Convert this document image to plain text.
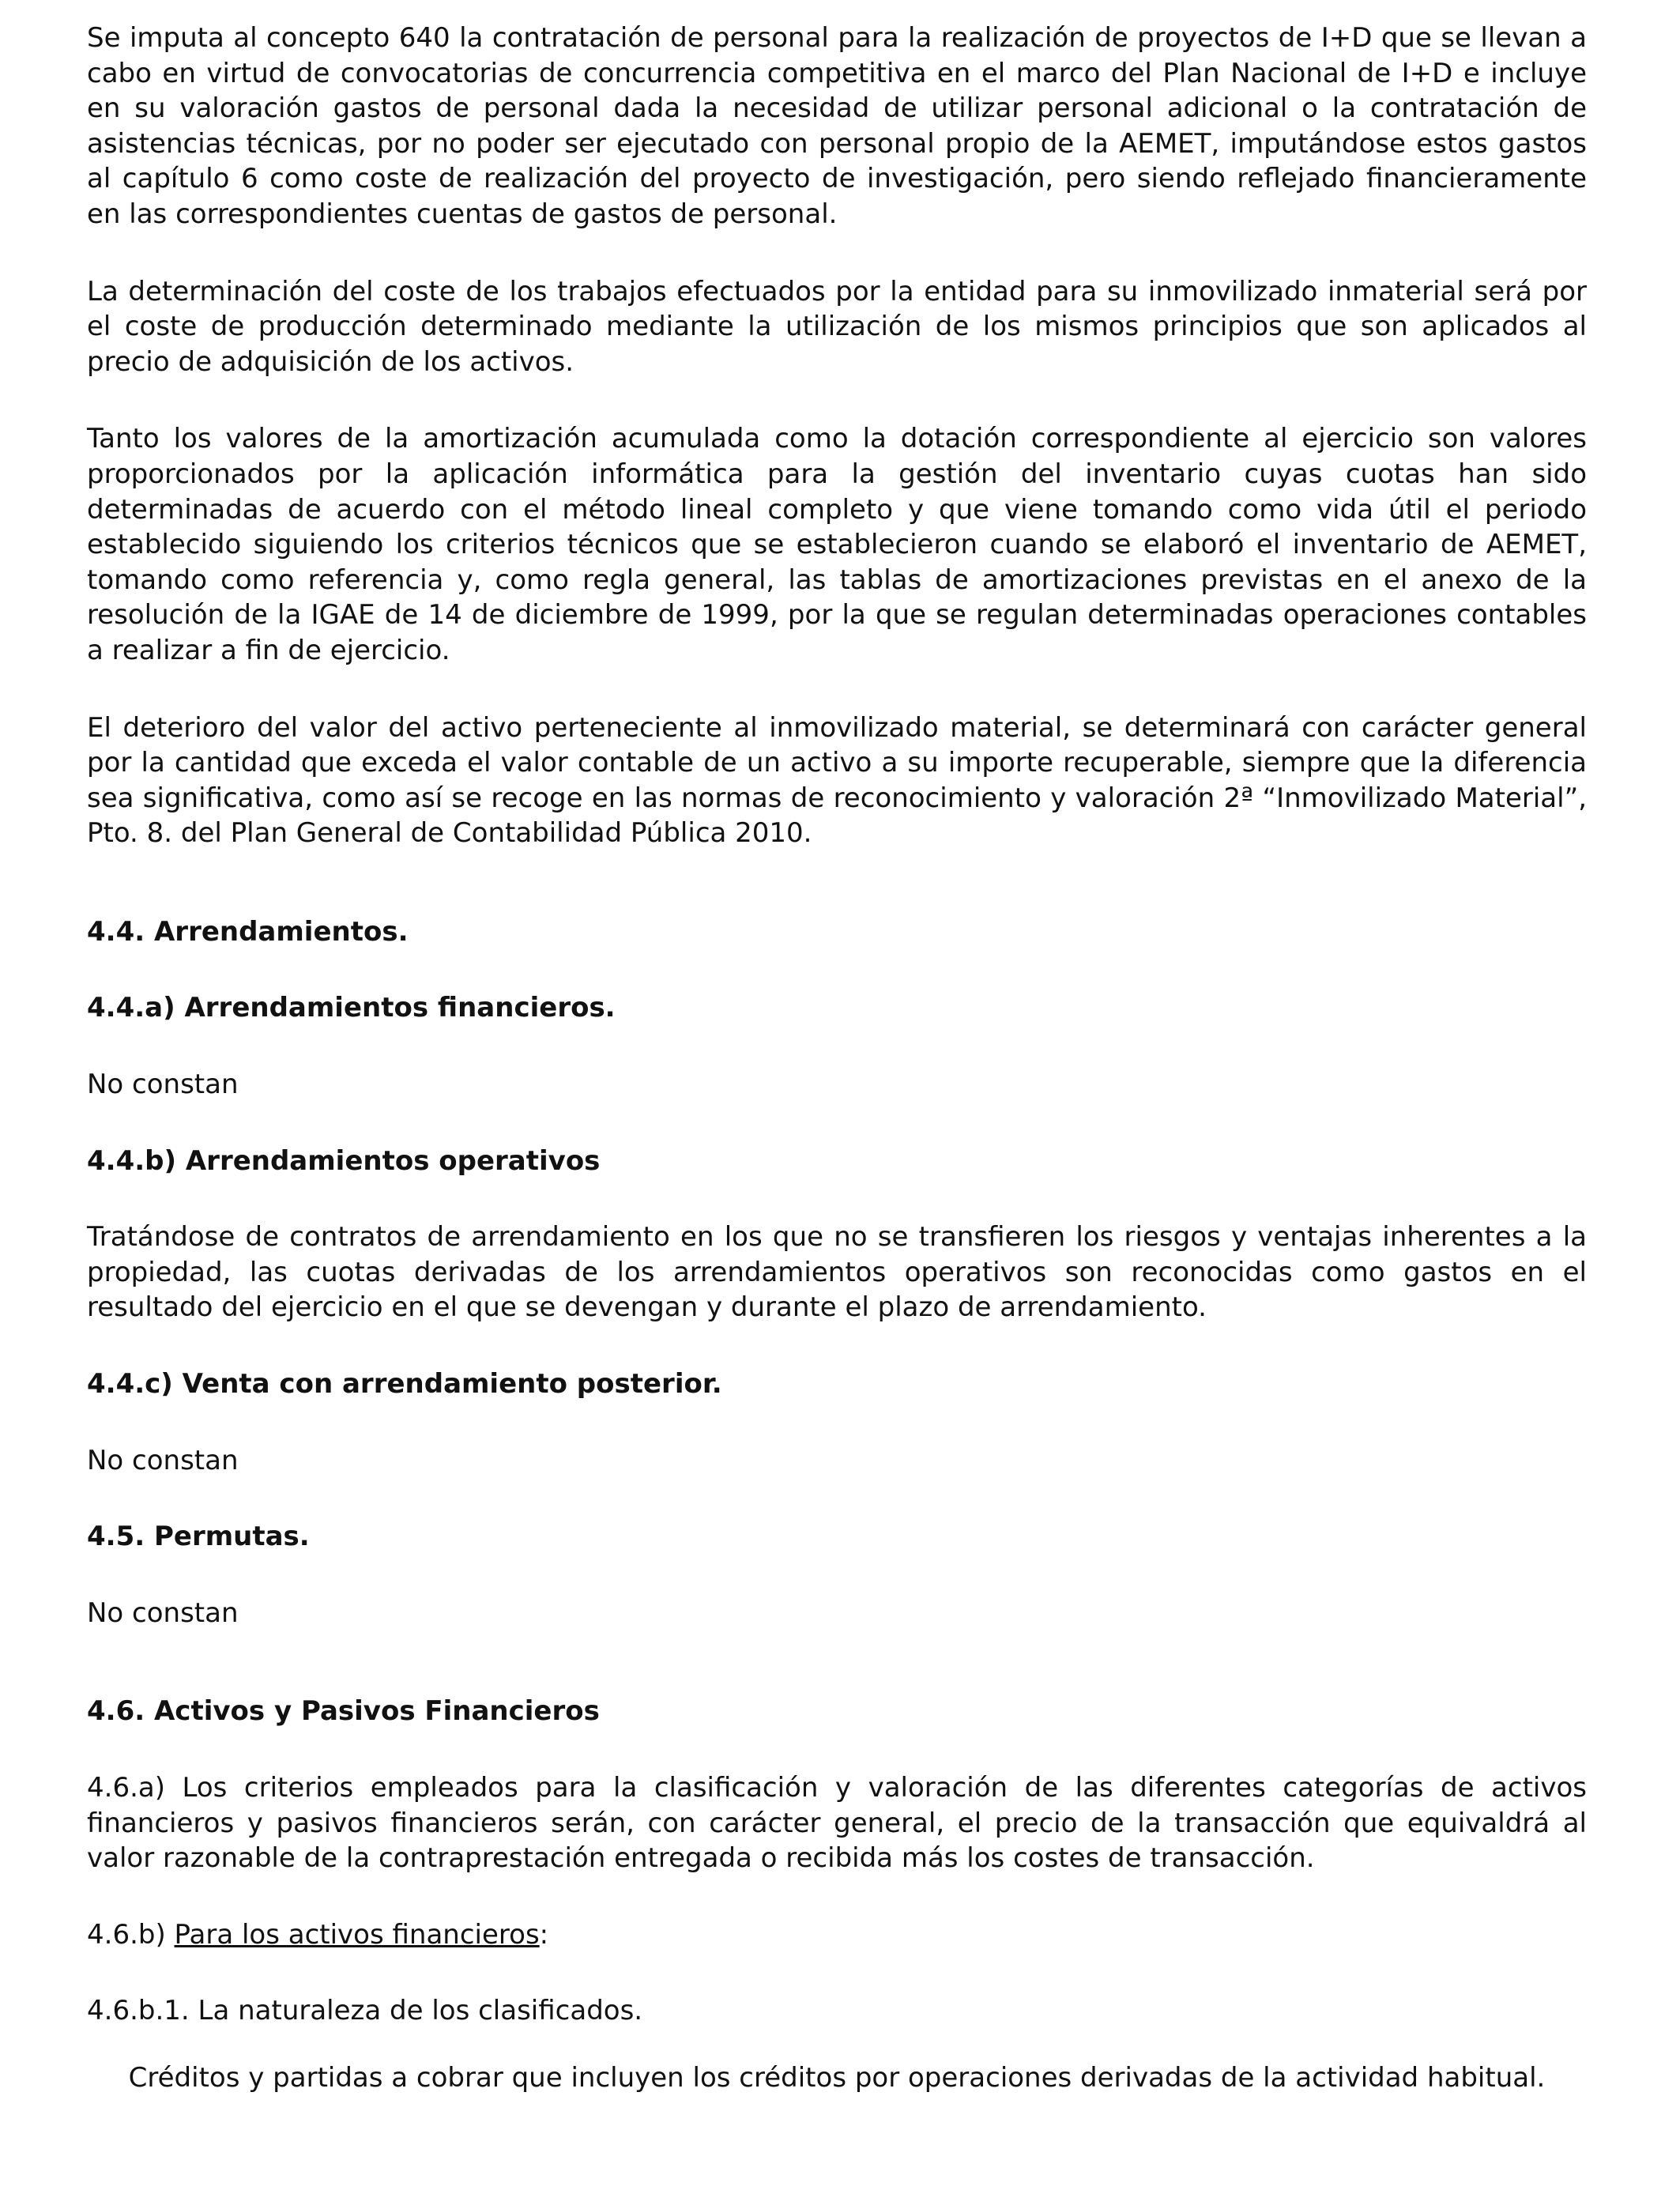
Se imputa al concepto 640 la contratación de personal para la realización de proyectos de I+D que se llevan a cabo en virtud de convocatorias de concurrencia competitiva en el marco del Plan Nacional de I+D e incluye en su valoración gastos de personal dada la necesidad de utilizar personal adicional o la contratación de asistencias técnicas, por no poder ser ejecutado con personal propio de la AEMET, imputándose estos gastos al capítulo 6 como coste de realización del proyecto de investigación, pero siendo reflejado financieramente en las correspondientes cuentas de gastos de personal.

La determinación del coste de los trabajos efectuados por la entidad para su inmovilizado inmaterial será por el coste de producción determinado mediante la utilización de los mismos principios que son aplicados al precio de adquisición de los activos.

Tanto los valores de la amortización acumulada como la dotación correspondiente al ejercicio son valores proporcionados por la aplicación informática para la gestión del inventario cuyas cuotas han sido determinadas de acuerdo con el método lineal completo y que viene tomando como vida útil el periodo establecido siguiendo los criterios técnicos que se establecieron cuando se elaboró el inventario de AEMET, tomando como referencia y, como regla general, las tablas de amortizaciones previstas en el anexo de la resolución de la IGAE de 14 de diciembre de 1999, por la que se regulan determinadas operaciones contables a realizar a fin de ejercicio.

El deterioro del valor del activo perteneciente al inmovilizado material, se determinará con carácter general por la cantidad que exceda el valor contable de un activo a su importe recuperable, siempre que la diferencia sea significativa, como así se recoge en las normas de reconocimiento y valoración 2ª “Inmovilizado Material”, Pto. 8. del Plan General de Contabilidad Pública 2010.

4.4. Arrendamientos.

4.4.a) Arrendamientos financieros.

No constan

4.4.b) Arrendamientos operativos

Tratándose de contratos de arrendamiento en los que no se transfieren los riesgos y ventajas inherentes a la propiedad, las cuotas derivadas de los arrendamientos operativos son reconocidas como gastos en el resultado del ejercicio en el que se devengan y durante el plazo de arrendamiento.

4.4.c) Venta con arrendamiento posterior.

No constan

4.5. Permutas.

No constan

4.6. Activos y Pasivos Financieros

4.6.a) Los criterios empleados para la clasificación y valoración de las diferentes categorías de activos financieros y pasivos financieros serán, con carácter general, el precio de la transacción que equivaldrá al valor razonable de la contraprestación entregada o recibida más los costes de transacción.

4.6.b) Para los activos financieros:

4.6.b.1. La naturaleza de los clasificados.

Créditos y partidas a cobrar que incluyen los créditos por operaciones derivadas de la actividad habitual.
